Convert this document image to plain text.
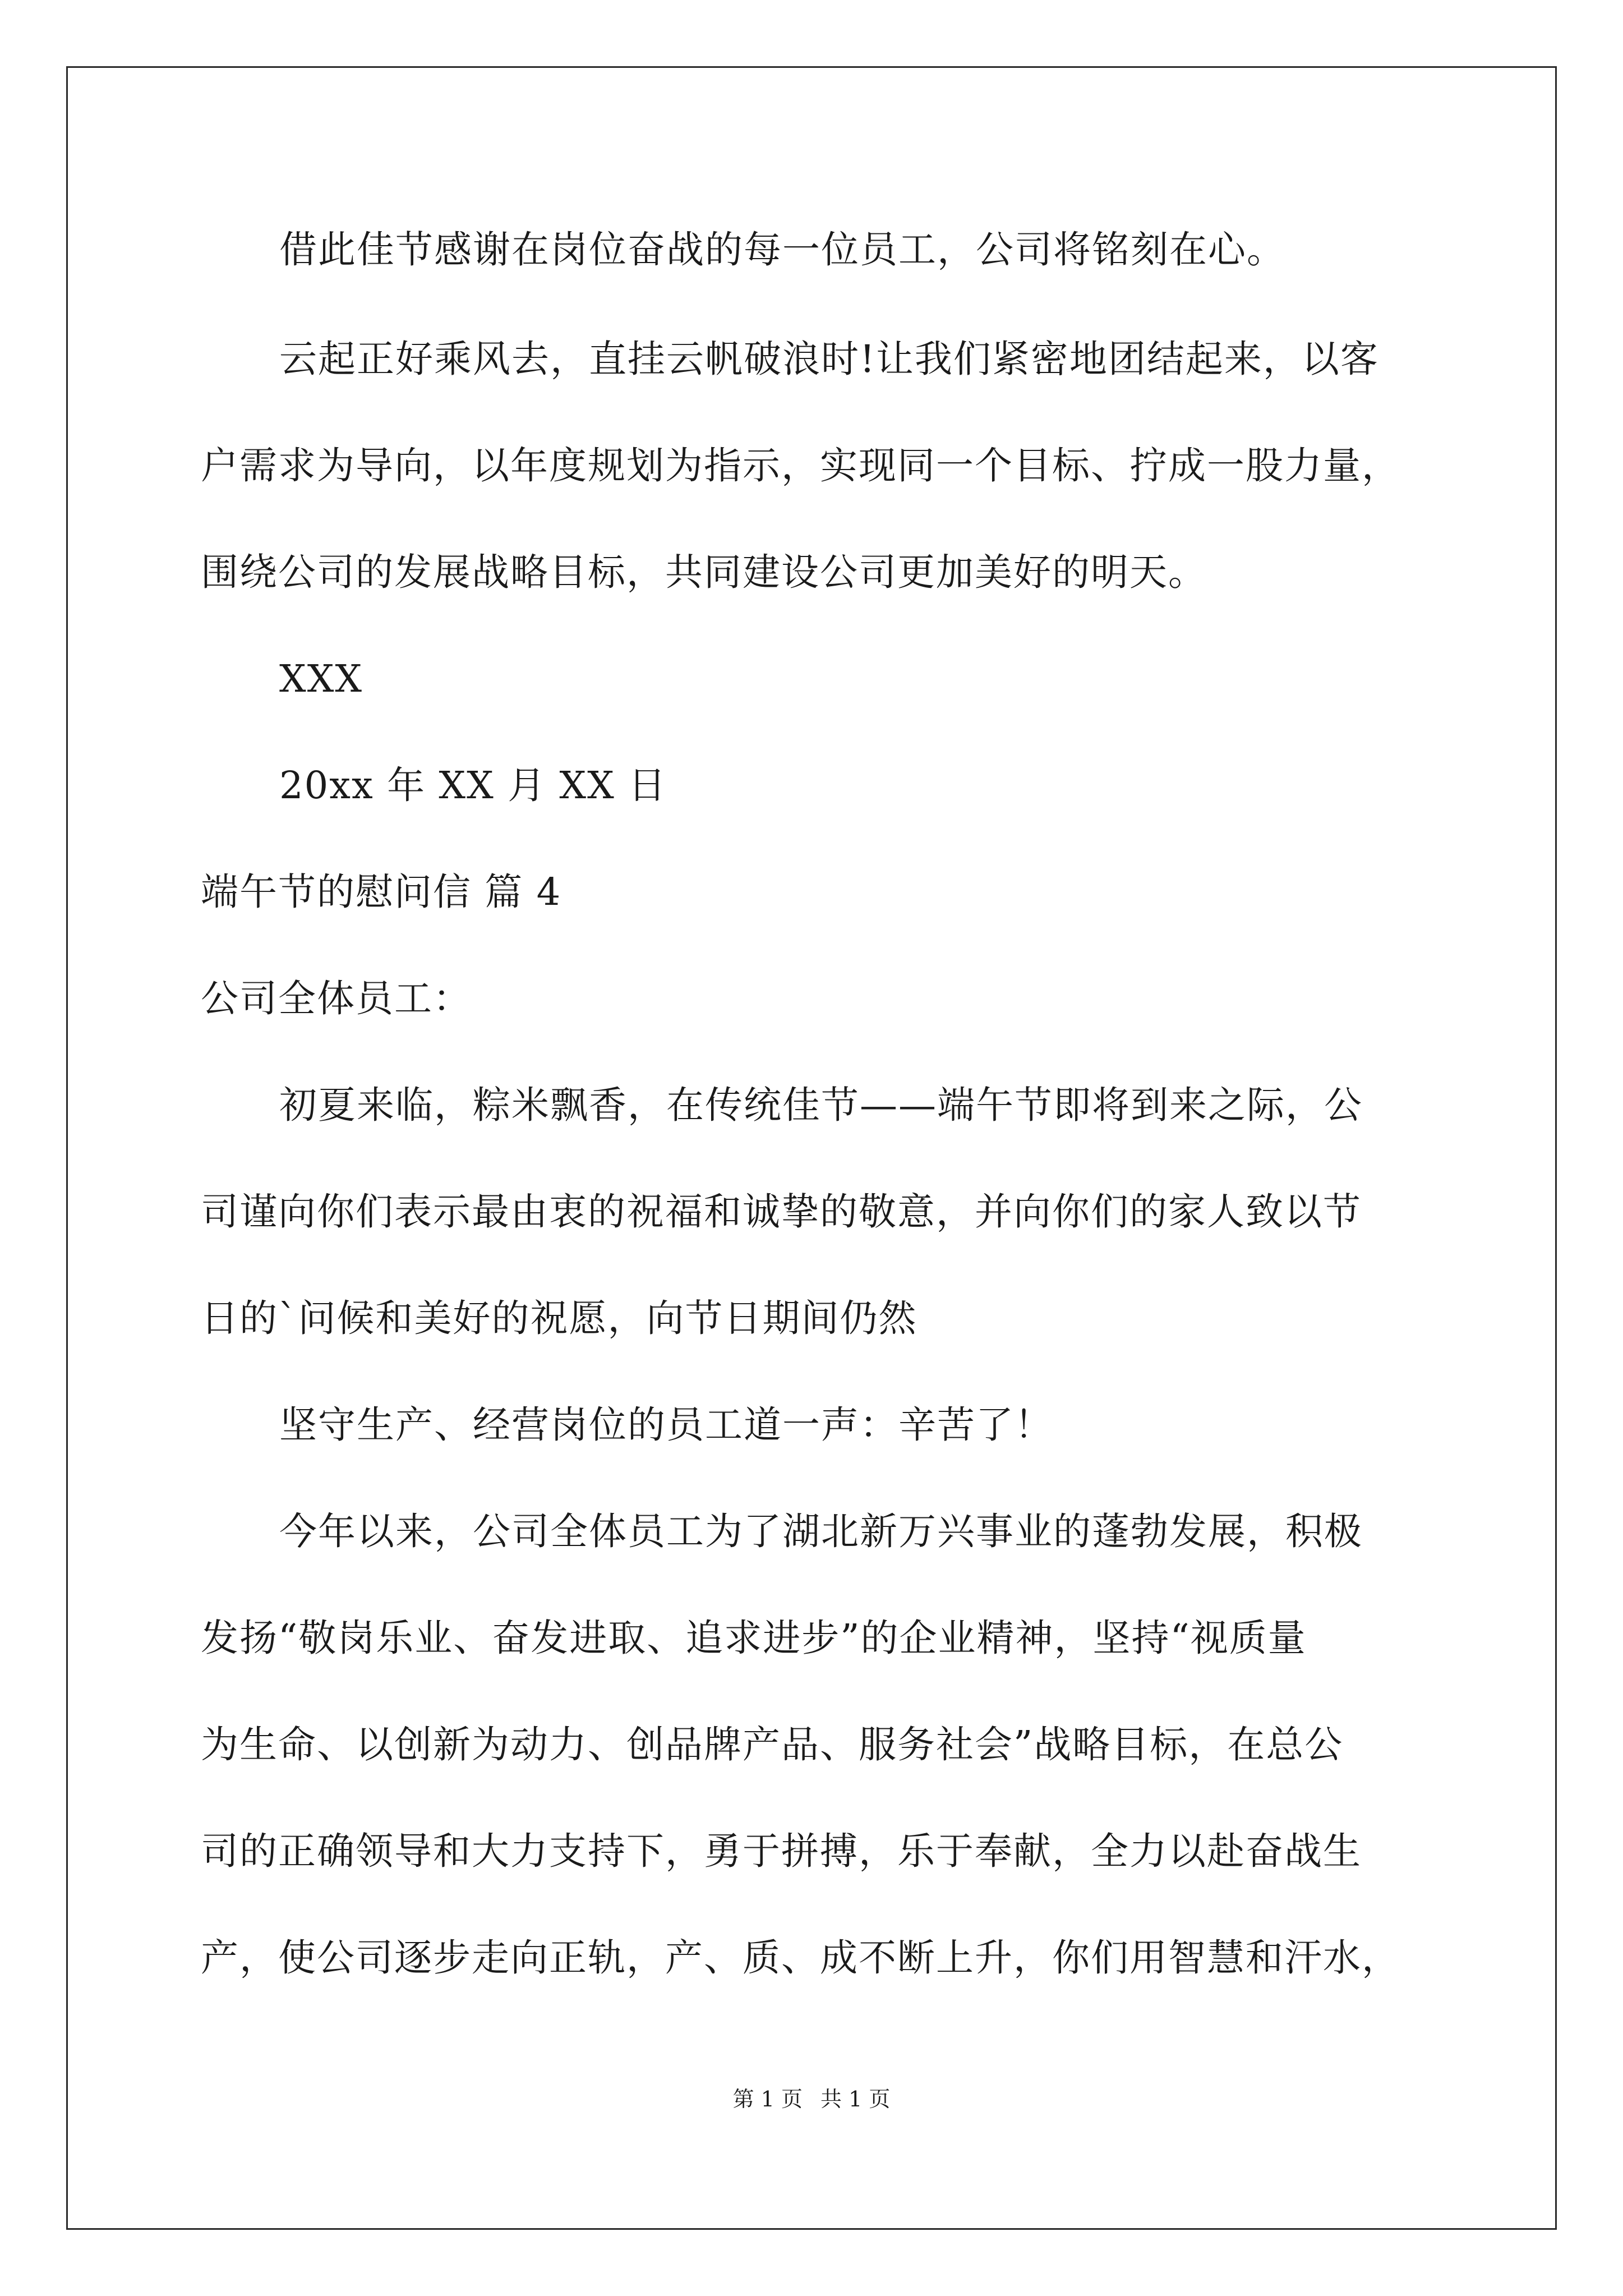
借此佳节感谢在岗位奋战的每一位员工，公司将铭刻在心。
云起正好乘风去，直挂云帆破浪时!让我们紧密地团结起来，以客
户需求为导向，以年度规划为指示，实现同一个目标、拧成一股力量，
围绕公司的发展战略目标，共同建设公司更加美好的明天。
XXX
20xx 年 XX 月 XX 日
端午节的慰问信 篇 4
公司全体员工：
初夏来临，粽米飘香，在传统佳节——端午节即将到来之际，公
司谨向你们表示最由衷的祝福和诚挚的敬意，并向你们的家人致以节
日的`问候和美好的祝愿，向节日期间仍然
坚守生产、经营岗位的员工道一声：辛苦了！
今年以来，公司全体员工为了湖北新万兴事业的蓬勃发展，积极
发扬“敬岗乐业、奋发进取、追求进步”的企业精神，坚持“视质量
为生命、以创新为动力、创品牌产品、服务社会”战略目标，在总公
司的正确领导和大力支持下，勇于拼搏，乐于奉献，全力以赴奋战生
产，使公司逐步走向正轨，产、质、成不断上升，你们用智慧和汗水，
第 1 页 共 1 页
